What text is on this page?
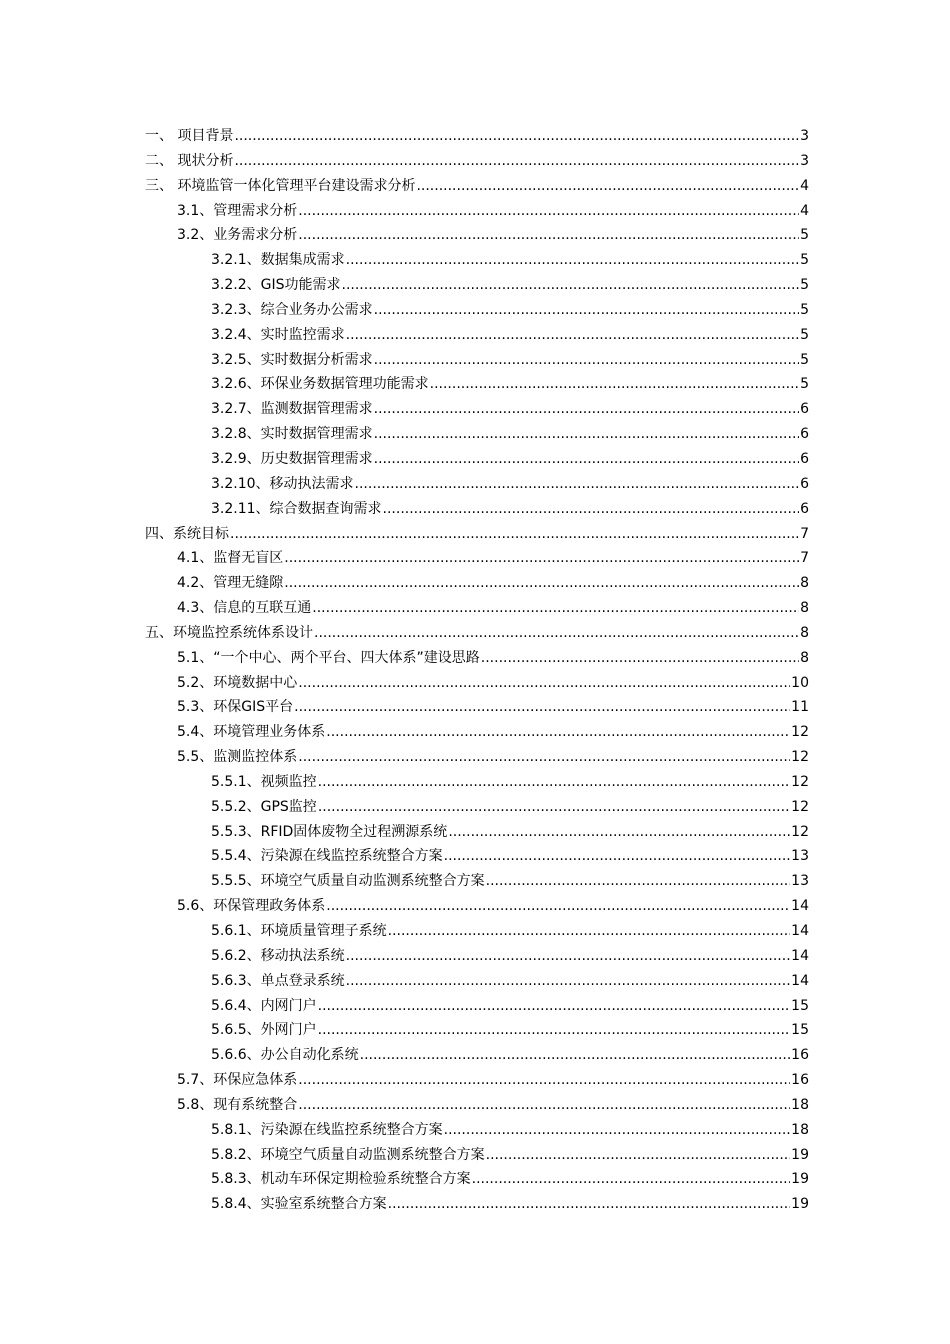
一、 项目背景 .....	3
二、 现状分析 .....	3
三、 环境监管一体化管理平台建设需求分析 .....	4
3.1、管理需求分析 .....	4
3.2、业务需求分析 .....	5
3.2.1、数据集成需求 .....	5
3.2.2、GIS功能需求 .....	5
3.2.3、综合业务办公需求 .....	5
3.2.4、实时监控需求 .....	5
3.2.5、实时数据分析需求 .....	5
3.2.6、环保业务数据管理功能需求 .....	5
3.2.7、监测数据管理需求 .....	6
3.2.8、实时数据管理需求 .....	6
3.2.9、历史数据管理需求 .....	6
3.2.10、移动执法需求 .....	6
3.2.11、综合数据查询需求 .....	6
四、系统目标 .....	7
4.1、监督无盲区 .....	7
4.2、管理无缝隙 .....	8
4.3、信息的互联互通 .....	8
五、环境监控系统体系设计 .....	8
5.1、“一个中心、两个平台、四大体系”建设思路 .....	8
5.2、环境数据中心 .....	10
5.3、环保GIS平台 .....	11
5.4、环境管理业务体系 .....	12
5.5、监测监控体系 .....	12
5.5.1、视频监控 .....	12
5.5.2、GPS监控 .....	12
5.5.3、RFID固体废物全过程溯源系统 .....	12
5.5.4、污染源在线监控系统整合方案 .....	13
5.5.5、环境空气质量自动监测系统整合方案 .....	13
5.6、环保管理政务体系 .....	14
5.6.1、环境质量管理子系统 .....	14
5.6.2、移动执法系统 .....	14
5.6.3、单点登录系统 .....	14
5.6.4、内网门户 .....	15
5.6.5、外网门户 .....	15
5.6.6、办公自动化系统 .....	16
5.7、环保应急体系 .....	16
5.8、现有系统整合 .....	18
5.8.1、污染源在线监控系统整合方案 .....	18
5.8.2、环境空气质量自动监测系统整合方案 .....	19
5.8.3、机动车环保定期检验系统整合方案 .....	19
5.8.4、实验室系统整合方案 .....	19
